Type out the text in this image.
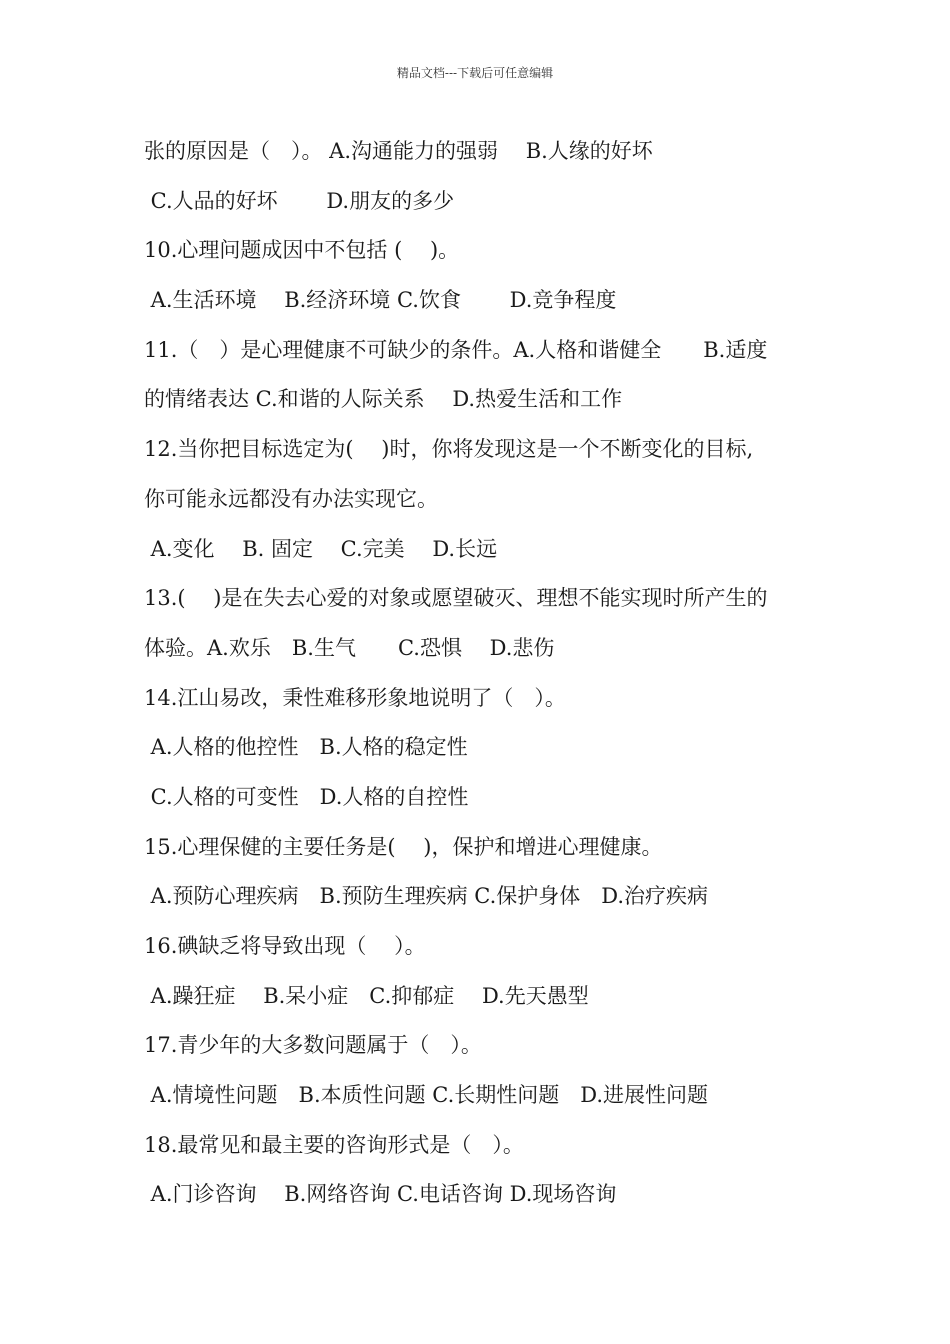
精品文档---下载后可任意编辑
张的原因是（　）。 A.沟通能力的强弱　 B.人缘的好坏
C.人品的好坏　　 D.朋友的多少
10.心理问题成因中不包括 (　 )。
A.生活环境　 B.经济环境 C.饮食　　 D.竞争程度
11.（　）是心理健康不可缺少的条件。A.人格和谐健全　　B.适度
的情绪表达 C.和谐的人际关系　 D.热爱生活和工作
12.当你把目标选定为(　 )时，你将发现这是一个不断变化的目标,
你可能永远都没有办法实现它。
A.变化　 B. 固定　 C.完美　 D.长远
13.(　 )是在失去心爱的对象或愿望破灭、理想不能实现时所产生的
体验。A.欢乐　B.生气　　C.恐惧　 D.悲伤
14.江山易改，秉性难移形象地说明了（　）。
A.人格的他控性　B.人格的稳定性
C.人格的可变性　D.人格的自控性
15.心理保健的主要任务是(　 )，保护和增进心理健康。
A.预防心理疾病　B.预防生理疾病 C.保护身体　D.治疗疾病
16.碘缺乏将导致出现（　 ）。
A.躁狂症　 B.呆小症　C.抑郁症　 D.先天愚型
17.青少年的大多数问题属于（　）。
A.情境性问题　B.本质性问题 C.长期性问题　D.进展性问题
18.最常见和最主要的咨询形式是（　）。
A.门诊咨询　 B.网络咨询 C.电话咨询 D.现场咨询
